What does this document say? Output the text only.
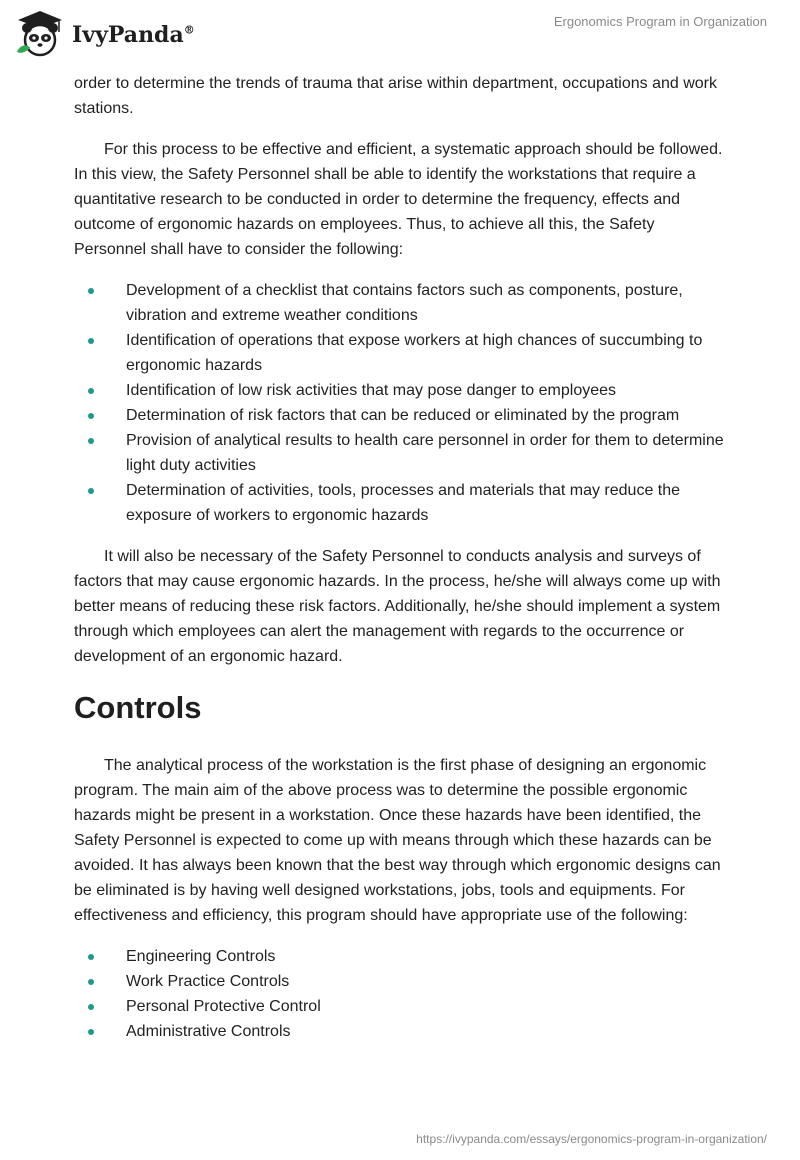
IvyPanda®
Ergonomics Program in Organization

order to determine the trends of trauma that arise within department, occupations and work stations.

For this process to be effective and efficient, a systematic approach should be followed. In this view, the Safety Personnel shall be able to identify the workstations that require a quantitative research to be conducted in order to determine the frequency, effects and outcome of ergonomic hazards on employees. Thus, to achieve all this, the Safety Personnel shall have to consider the following:

Development of a checklist that contains factors such as components, posture, vibration and extreme weather conditions
Identification of operations that expose workers at high chances of succumbing to ergonomic hazards
Identification of low risk activities that may pose danger to employees
Determination of risk factors that can be reduced or eliminated by the program
Provision of analytical results to health care personnel in order for them to determine light duty activities
Determination of activities, tools, processes and materials that may reduce the exposure of workers to ergonomic hazards

It will also be necessary of the Safety Personnel to conducts analysis and surveys of factors that may cause ergonomic hazards. In the process, he/she will always come up with better means of reducing these risk factors. Additionally, he/she should implement a system through which employees can alert the management with regards to the occurrence or development of an ergonomic hazard.

Controls

The analytical process of the workstation is the first phase of designing an ergonomic program. The main aim of the above process was to determine the possible ergonomic hazards might be present in a workstation. Once these hazards have been identified, the Safety Personnel is expected to come up with means through which these hazards can be avoided. It has always been known that the best way through which ergonomic designs can be eliminated is by having well designed workstations, jobs, tools and equipments. For effectiveness and efficiency, this program should have appropriate use of the following:

Engineering Controls
Work Practice Controls
Personal Protective Control
Administrative Controls
https://ivypanda.com/essays/ergonomics-program-in-organization/
